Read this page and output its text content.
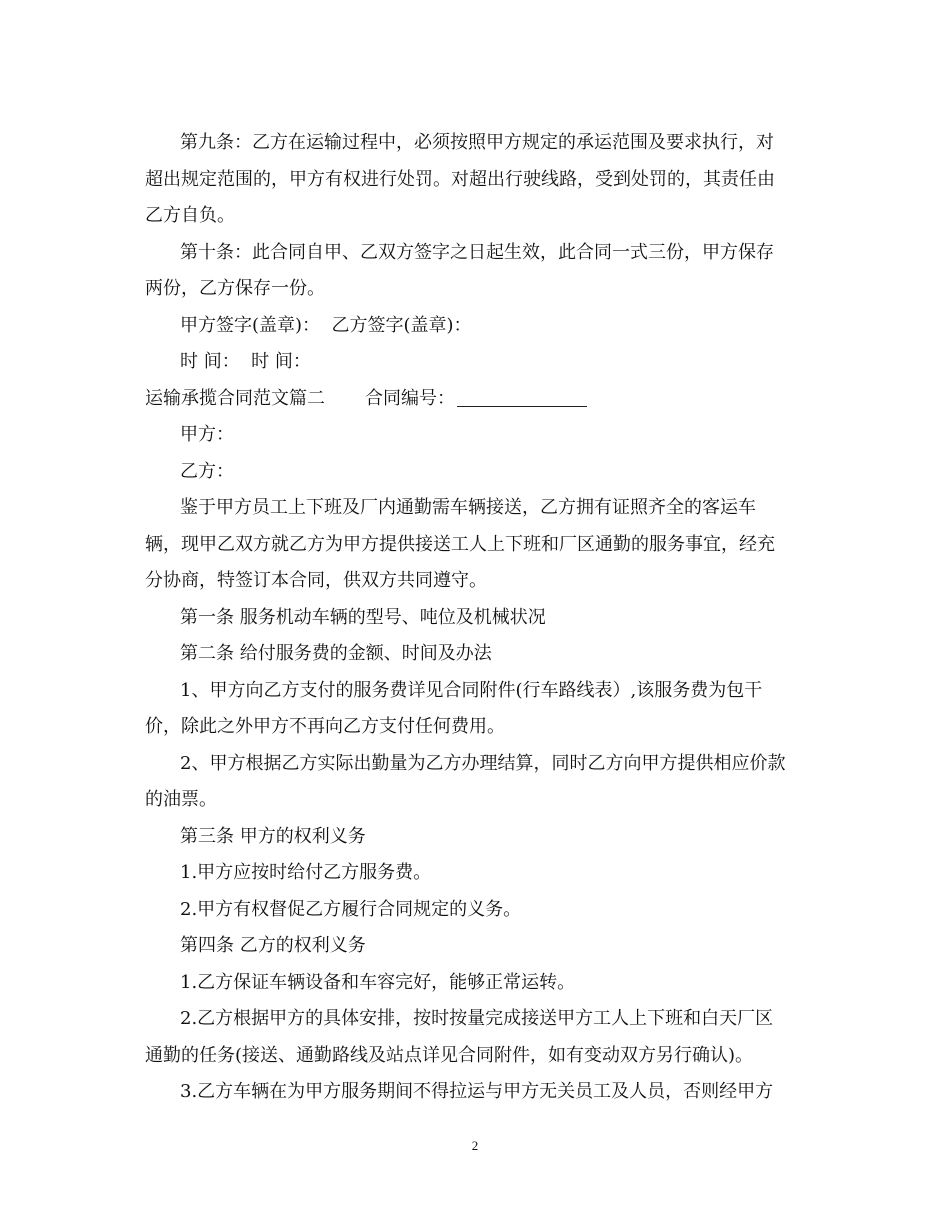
第九条：乙方在运输过程中，必须按照甲方规定的承运范围及要求执行，对
超出规定范围的，甲方有权进行处罚。对超出行驶线路，受到处罚的，其责任由
乙方自负。
第十条：此合同自甲、乙双方签字之日起生效，此合同一式三份，甲方保存
两份，乙方保存一份。
甲方签字(盖章)：  乙方签字(盖章)：
时 间：  时 间：
运输承揽合同范文篇二 合同编号：
甲方：
乙方：
鉴于甲方员工上下班及厂内通勤需车辆接送，乙方拥有证照齐全的客运车
辆，现甲乙双方就乙方为甲方提供接送工人上下班和厂区通勤的服务事宜，经充
分协商，特签订本合同，供双方共同遵守。
第一条 服务机动车辆的型号、吨位及机械状况
第二条 给付服务费的金额、时间及办法
1、甲方向乙方支付的服务费详见合同附件(行车路线表）,该服务费为包干
价，除此之外甲方不再向乙方支付任何费用。
2、甲方根据乙方实际出勤量为乙方办理结算，同时乙方向甲方提供相应价款
的油票。
第三条 甲方的权利义务
1.甲方应按时给付乙方服务费。
2.甲方有权督促乙方履行合同规定的义务。
第四条 乙方的权利义务
1.乙方保证车辆设备和车容完好，能够正常运转。
2.乙方根据甲方的具体安排，按时按量完成接送甲方工人上下班和白天厂区
通勤的任务(接送、通勤路线及站点详见合同附件，如有变动双方另行确认)。
3.乙方车辆在为甲方服务期间不得拉运与甲方无关员工及人员，否则经甲方
2
